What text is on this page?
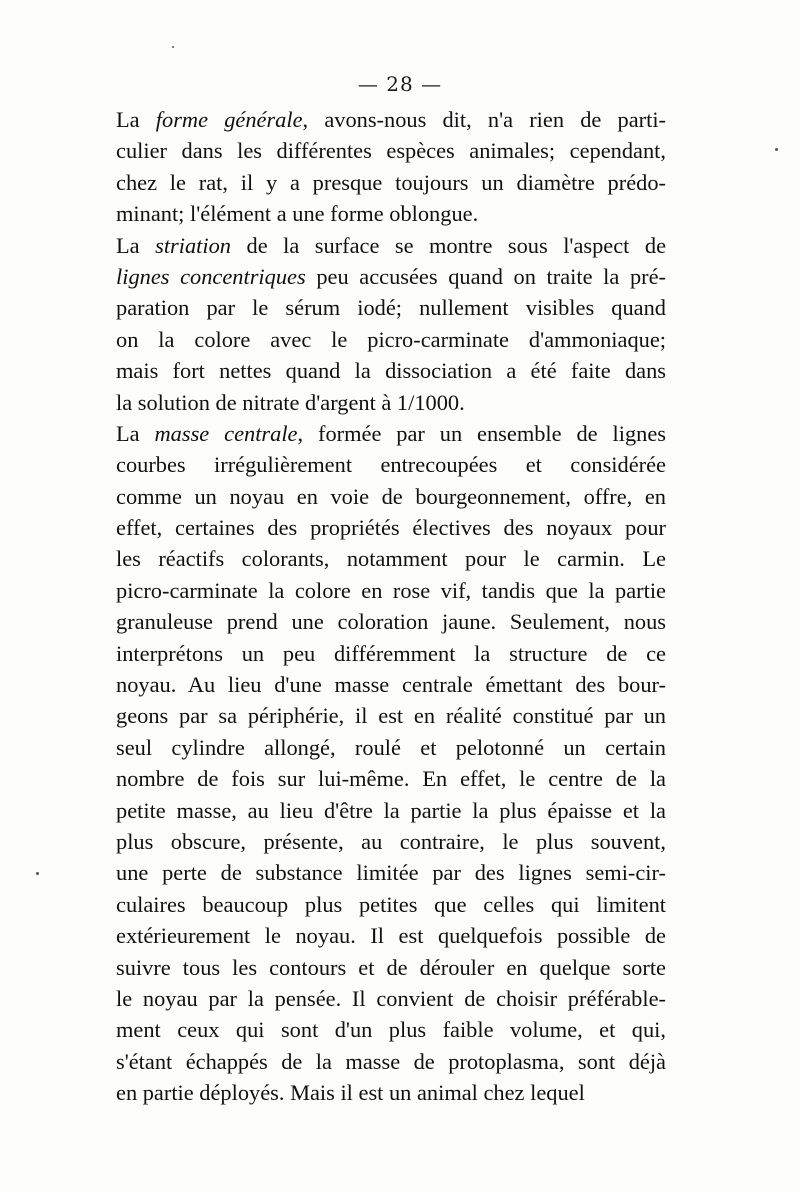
— 28 —
La forme générale, avons-nous dit, n'a rien de parti-
culier dans les différentes espèces animales; cependant,
chez le rat, il y a presque toujours un diamètre prédo-
minant; l'élément a une forme oblongue.
La striation de la surface se montre sous l'aspect de
lignes concentriques peu accusées quand on traite la pré-
paration par le sérum iodé; nullement visibles quand
on la colore avec le picro-carminate d'ammoniaque;
mais fort nettes quand la dissociation a été faite dans
la solution de nitrate d'argent à 1/1000.
La masse centrale, formée par un ensemble de lignes
courbes irrégulièrement entrecoupées et considérée
comme un noyau en voie de bourgeonnement, offre, en
effet, certaines des propriétés électives des noyaux pour
les réactifs colorants, notamment pour le carmin. Le
picro-carminate la colore en rose vif, tandis que la partie
granuleuse prend une coloration jaune. Seulement, nous
interprétons un peu différemment la structure de ce
noyau. Au lieu d'une masse centrale émettant des bour-
geons par sa périphérie, il est en réalité constitué par un
seul cylindre allongé, roulé et pelotonné un certain
nombre de fois sur lui-même. En effet, le centre de la
petite masse, au lieu d'être la partie la plus épaisse et la
plus obscure, présente, au contraire, le plus souvent,
une perte de substance limitée par des lignes semi-cir-
culaires beaucoup plus petites que celles qui limitent
extérieurement le noyau. Il est quelquefois possible de
suivre tous les contours et de dérouler en quelque sorte
le noyau par la pensée. Il convient de choisir préférable-
ment ceux qui sont d'un plus faible volume, et qui,
s'étant échappés de la masse de protoplasma, sont déjà
en partie déployés. Mais il est un animal chez lequel
